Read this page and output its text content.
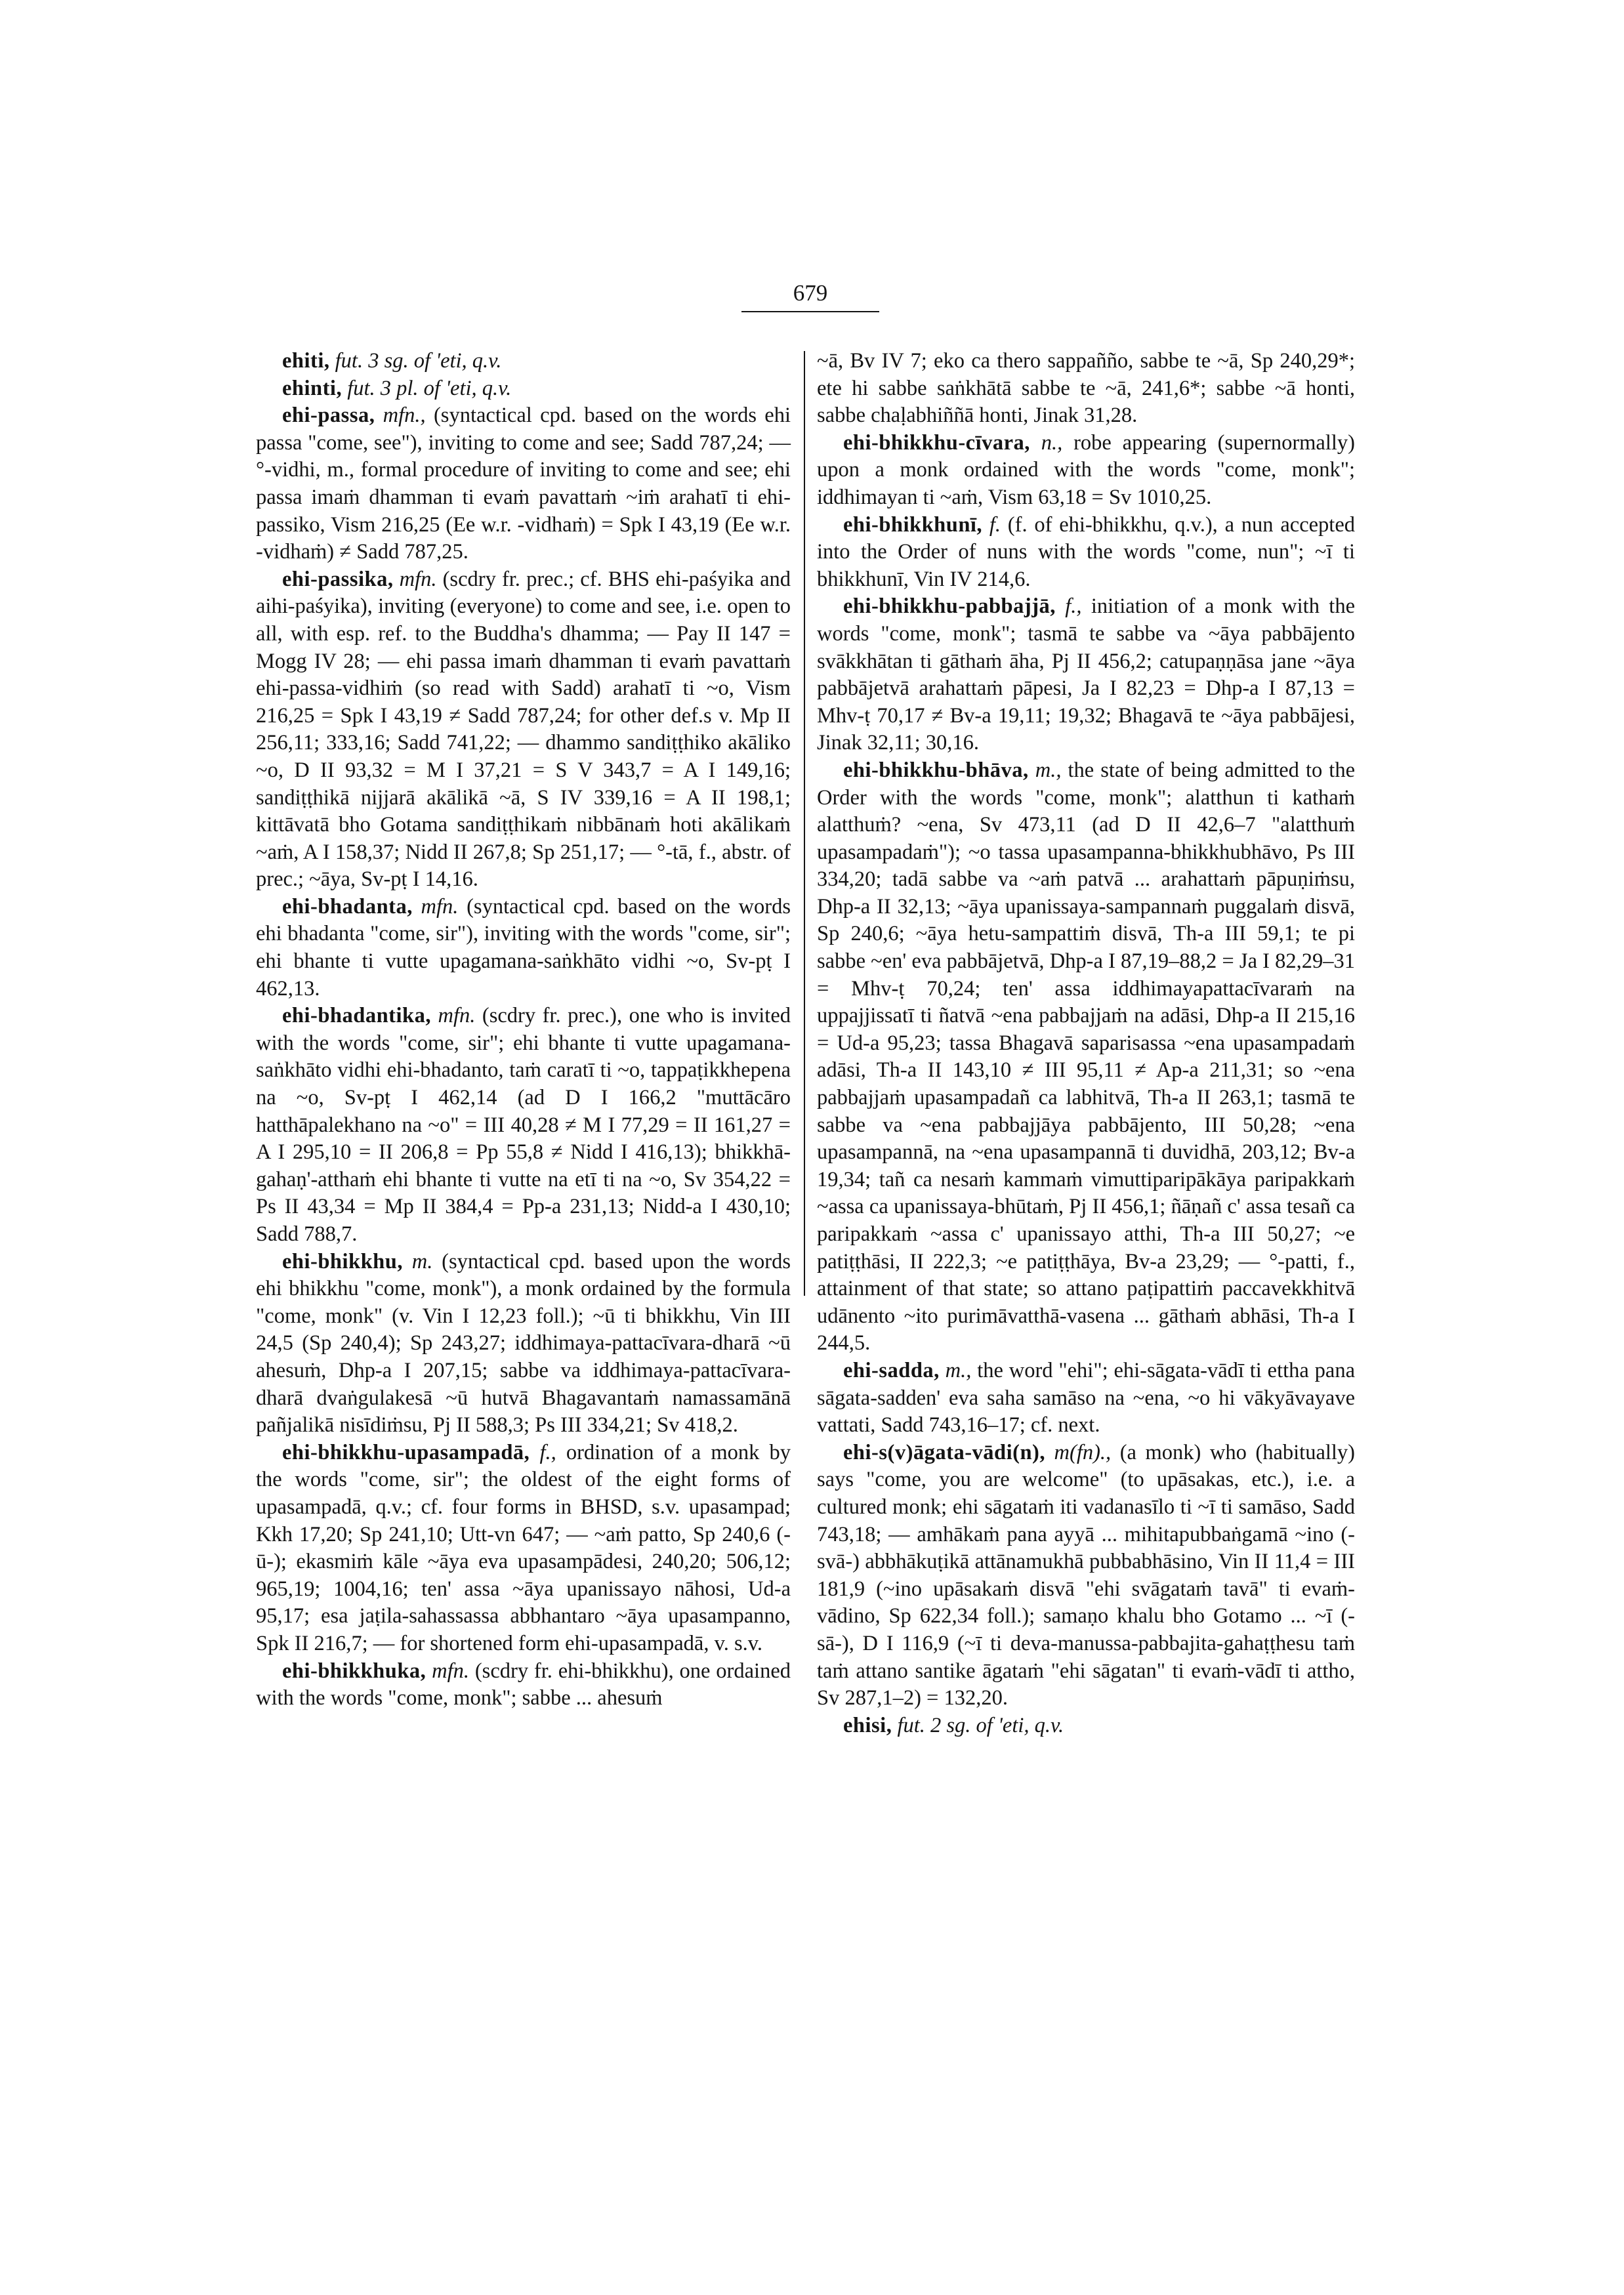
679

ehiti, fut. 3 sg. of 'eti, q.v.

ehinti, fut. 3 pl. of 'eti, q.v.

ehi-passa, mfn., (syntactical cpd. based on the words ehi passa "come, see"), inviting to come and see; Sadd 787,24; — °-vidhi, m., formal procedure of inviting to come and see; ehi passa imaṁ dhamman ti evaṁ pavattaṁ ~iṁ arahatī ti ehi-passiko, Vism 216,25 (Ee w.r. -vidhaṁ) = Spk I 43,19 (Ee w.r. -vidhaṁ) ≠ Sadd 787,25.

ehi-passika, mfn. (scdry fr. prec.; cf. BHS ehi-paśyika and aihi-paśyika), inviting (everyone) to come and see, i.e. open to all, with esp. ref. to the Buddha's dhamma; — Pay II 147 = Mogg IV 28; — ehi passa imaṁ dhamman ti evaṁ pavattaṁ ehi-passa-vidhiṁ (so read with Sadd) arahatī ti ~o, Vism 216,25 = Spk I 43,19 ≠ Sadd 787,24; for other def.s v. Mp II 256,11; 333,16; Sadd 741,22; — dhammo sandiṭṭhiko akāliko ~o, D II 93,32 = M I 37,21 = S V 343,7 = A I 149,16; sandiṭṭhikā nijjarā akālikā ~ā, S IV 339,16 = A II 198,1; kittāvatā bho Gotama sandiṭṭhikaṁ nibbānaṁ hoti akālikaṁ ~aṁ, A I 158,37; Nidd II 267,8; Sp 251,17; — °-tā, f., abstr. of prec.; ~āya, Sv-pṭ I 14,16.

ehi-bhadanta, mfn. (syntactical cpd. based on the words ehi bhadanta "come, sir"), inviting with the words "come, sir"; ehi bhante ti vutte upagamana-saṅkhāto vidhi ~o, Sv-pṭ I 462,13.

ehi-bhadantika, mfn. (scdry fr. prec.), one who is invited with the words "come, sir"; ehi bhante ti vutte upagamana-saṅkhāto vidhi ehi-bhadanto, taṁ caratī ti ~o, tappaṭikkhepena na ~o, Sv-pṭ I 462,14 (ad D I 166,2 "muttācāro hatthāpalekhano na ~o" = III 40,28 ≠ M I 77,29 = II 161,27 = A I 295,10 = II 206,8 = Pp 55,8 ≠ Nidd I 416,13); bhikkhā-gahaṇ'-atthaṁ ehi bhante ti vutte na etī ti na ~o, Sv 354,22 = Ps II 43,34 = Mp II 384,4 = Pp-a 231,13; Nidd-a I 430,10; Sadd 788,7.

ehi-bhikkhu, m. (syntactical cpd. based upon the words ehi bhikkhu "come, monk"), a monk ordained by the formula "come, monk" (v. Vin I 12,23 foll.); ~ū ti bhikkhu, Vin III 24,5 (Sp 240,4); Sp 243,27; iddhimaya-pattacīvara-dharā ~ū ahesuṁ, Dhp-a I 207,15; sabbe va iddhimaya-pattacīvara-dharā dvaṅgulakesā ~ū hutvā Bhagavantaṁ namassamānā pañjalikā nisīdiṁsu, Pj II 588,3; Ps III 334,21; Sv 418,2.

ehi-bhikkhu-upasampadā, f., ordination of a monk by the words "come, sir"; the oldest of the eight forms of upasampadā, q.v.; cf. four forms in BHSD, s.v. upasampad; Kkh 17,20; Sp 241,10; Utt-vn 647; — ~aṁ patto, Sp 240,6 (-ū-); ekasmiṁ kāle ~āya eva upasampādesi, 240,20; 506,12; 965,19; 1004,16; ten' assa ~āya upanissayo nāhosi, Ud-a 95,17; esa jaṭila-sahassassa abbhantaro ~āya upasampanno, Spk II 216,7; — for shortened form ehi-upasampadā, v. s.v.

ehi-bhikkhuka, mfn. (scdry fr. ehi-bhikkhu), one ordained with the words "come, monk"; sabbe ... ahesuṁ

~ā, Bv IV 7; eko ca thero sappañño, sabbe te ~ā, Sp 240,29*; ete hi sabbe saṅkhātā sabbe te ~ā, 241,6*; sabbe ~ā honti, sabbe chaḷabhiññā honti, Jinak 31,28.

ehi-bhikkhu-cīvara, n., robe appearing (supernormally) upon a monk ordained with the words "come, monk"; iddhimayan ti ~aṁ, Vism 63,18 = Sv 1010,25.

ehi-bhikkhunī, f. (f. of ehi-bhikkhu, q.v.), a nun accepted into the Order of nuns with the words "come, nun"; ~ī ti bhikkhunī, Vin IV 214,6.

ehi-bhikkhu-pabbajjā, f., initiation of a monk with the words "come, monk"; tasmā te sabbe va ~āya pabbājento svākkhātan ti gāthaṁ āha, Pj II 456,2; catupaṇṇāsa jane ~āya pabbājetvā arahattaṁ pāpesi, Ja I 82,23 = Dhp-a I 87,13 = Mhv-ṭ 70,17 ≠ Bv-a 19,11; 19,32; Bhagavā te ~āya pabbājesi, Jinak 32,11; 30,16.

ehi-bhikkhu-bhāva, m., the state of being admitted to the Order with the words "come, monk"; alatthun ti kathaṁ alatthuṁ? ~ena, Sv 473,11 (ad D II 42,6–7 "alatthuṁ upasampadaṁ"); ~o tassa upasampanna-bhikkhubhāvo, Ps III 334,20; tadā sabbe va ~aṁ patvā ... arahattaṁ pāpuṇiṁsu, Dhp-a II 32,13; ~āya upanissaya-sampannaṁ puggalaṁ disvā, Sp 240,6; ~āya hetu-sampattiṁ disvā, Th-a III 59,1; te pi sabbe ~en' eva pabbājetvā, Dhp-a I 87,19–88,2 = Ja I 82,29–31 = Mhv-ṭ 70,24; ten' assa iddhimayapattacīvaraṁ na uppajjissatī ti ñatvā ~ena pabbajjaṁ na adāsi, Dhp-a II 215,16 = Ud-a 95,23; tassa Bhagavā saparisassa ~ena upasampadaṁ adāsi, Th-a II 143,10 ≠ III 95,11 ≠ Ap-a 211,31; so ~ena pabbajjaṁ upasampadañ ca labhitvā, Th-a II 263,1; tasmā te sabbe va ~ena pabbajjāya pabbājento, III 50,28; ~ena upasampannā, na ~ena upasampannā ti duvidhā, 203,12; Bv-a 19,34; tañ ca nesaṁ kammaṁ vimuttiparipākāya paripakkaṁ ~assa ca upanissaya-bhūtaṁ, Pj II 456,1; ñāṇañ c' assa tesañ ca paripakkaṁ ~assa c' upanissayo atthi, Th-a III 50,27; ~e patiṭṭhāsi, II 222,3; ~e patiṭṭhāya, Bv-a 23,29; — °-patti, f., attainment of that state; so attano paṭipattiṁ paccavekkhitvā udānento ~ito purimāvatthā-vasena ... gāthaṁ abhāsi, Th-a I 244,5.

ehi-sadda, m., the word "ehi"; ehi-sāgata-vādī ti ettha pana sāgata-sadden' eva saha samāso na ~ena, ~o hi vākyāvayave vattati, Sadd 743,16–17; cf. next.

ehi-s(v)āgata-vādi(n), m(fn)., (a monk) who (habitually) says "come, you are welcome" (to upāsakas, etc.), i.e. a cultured monk; ehi sāgataṁ iti vadanasīlo ti ~ī ti samāso, Sadd 743,18; — amhākaṁ pana ayyā ... mihitapubbaṅgamā ~ino (-svā-) abbhākuṭikā attānamukhā pubbabhāsino, Vin II 11,4 = III 181,9 (~ino upāsakaṁ disvā "ehi svāgataṁ tavā" ti evaṁ-vādino, Sp 622,34 foll.); samaṇo khalu bho Gotamo ... ~ī (-sā-), D I 116,9 (~ī ti deva-manussa-pabbajita-gahaṭṭhesu taṁ taṁ attano santike āgataṁ "ehi sāgatan" ti evaṁ-vādī ti attho, Sv 287,1–2) = 132,20.

ehisi, fut. 2 sg. of 'eti, q.v.
